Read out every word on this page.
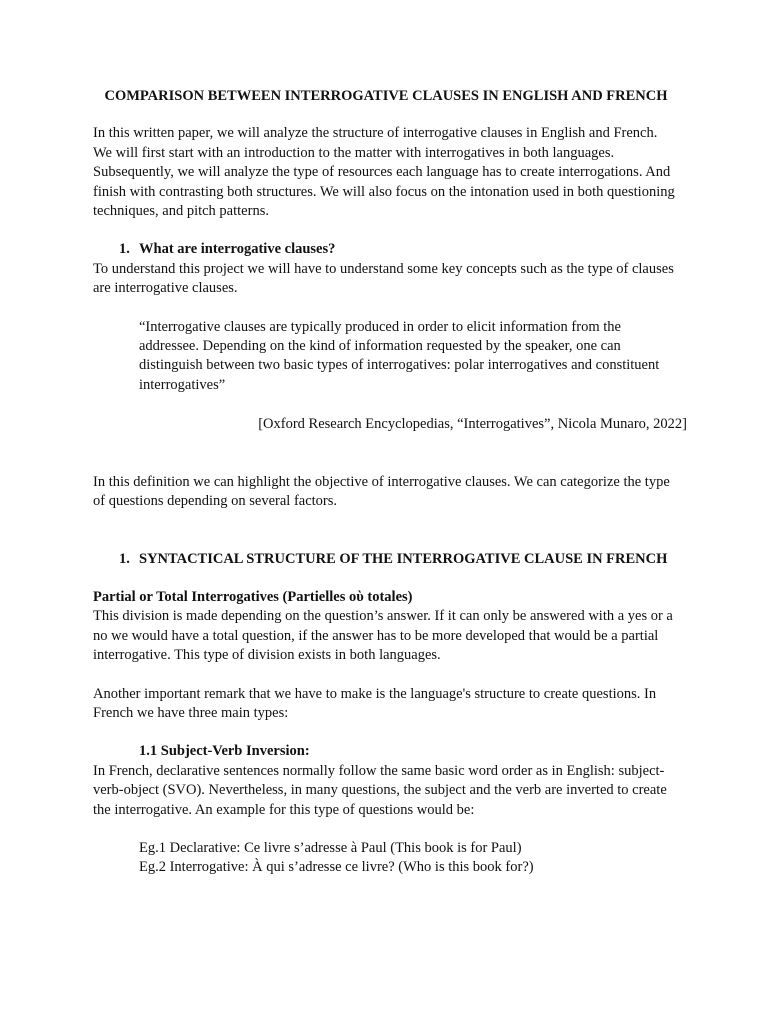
COMPARISON BETWEEN INTERROGATIVE CLAUSES IN ENGLISH AND FRENCH

In this written paper, we will analyze the structure of interrogative clauses in English and French. We will first start with an introduction to the matter with interrogatives in both languages. Subsequently, we will analyze the type of resources each language has to create interrogations. And finish with contrasting both structures. We will also focus on the intonation used in both questioning techniques, and pitch patterns.

1. What are interrogative clauses?

To understand this project we will have to understand some key concepts such as the type of clauses are interrogative clauses.

“Interrogative clauses are typically produced in order to elicit information from the addressee. Depending on the kind of information requested by the speaker, one can distinguish between two basic types of interrogatives: polar interrogatives and constituent interrogatives”

[Oxford Research Encyclopedias, “Interrogatives”, Nicola Munaro, 2022]

In this definition we can highlight the objective of interrogative clauses. We can categorize the type of questions depending on several factors.

1. SYNTACTICAL STRUCTURE OF THE INTERROGATIVE CLAUSE IN FRENCH

Partial or Total Interrogatives (Partielles oὺ totales)

This division is made depending on the question’s answer. If it can only be answered with a yes or a no we would have a total question, if the answer has to be more developed that would be a partial interrogative. This type of division exists in both languages.

Another important remark that we have to make is the language's structure to create questions. In French we have three main types:

1.1 Subject-Verb Inversion:

In French, declarative sentences normally follow the same basic word order as in English: subject-verb-object (SVO). Nevertheless, in many questions, the subject and the verb are inverted to create the interrogative. An example for this type of questions would be:

Eg.1 Declarative: Ce livre s’adresse à Paul (This book is for Paul)

Eg.2 Interrogative: À qui s’adresse ce livre? (Who is this book for?)
